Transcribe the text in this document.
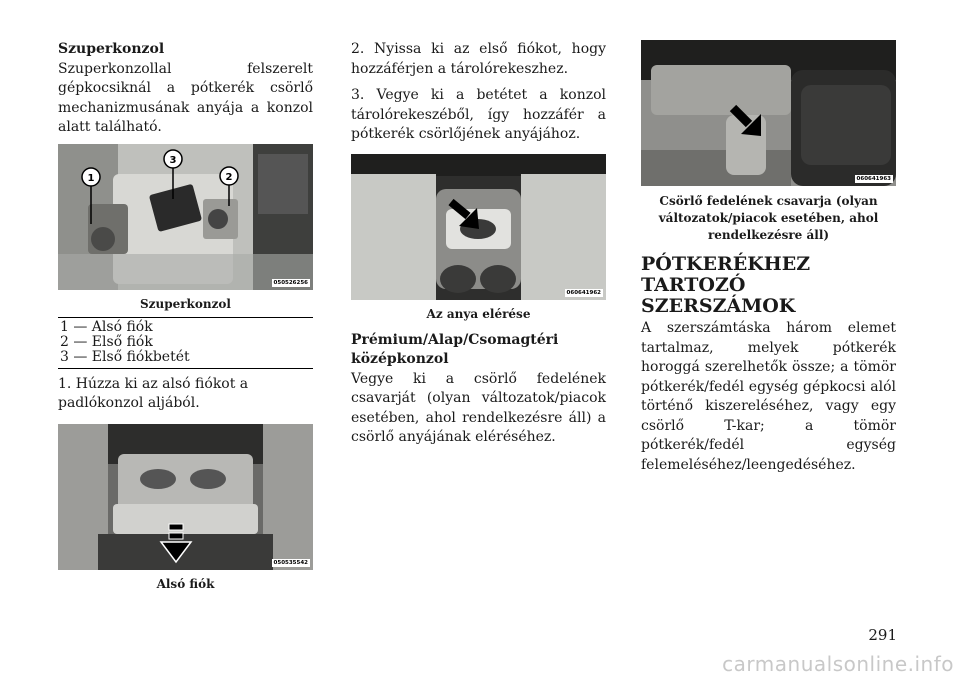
Szuperkonzol

Szuperkonzollal felszerelt gépkocsiknál a pótkerék csörlő mechanizmusának anyája a konzol alatt található.

1
3
2
050526256
Szuperkonzol
1 — Alsó fiók
2 — Első fiók
3 — Első fiókbetét

1. Húzza ki az alsó fiókot a padlókonzol aljából.

050535542
Alsó fiók

2. Nyissa ki az első fiókot, hogy hozzáférjen a tárolórekeszhez.

3. Vegye ki a betétet a konzol tárolórekeszéből, így hozzáfér a pótkerék csörlőjének anyájához.

060641962
Az anya elérése
Prémium/Alap/Csomagtéri középkonzol

Vegye ki a csörlő fedelének csavarját (olyan változatok/piacok esetében, ahol rendelkezésre áll) a csörlő anyájának eléréséhez.

060641963
Csörlő fedelének csavarja (olyan változatok/piacok esetében, ahol rendelkezésre áll)
PÓTKERÉKHEZ TARTOZÓ SZERSZÁMOK

A szerszámtáska három elemet tartalmaz, melyek pótkerék horoggá szerelhetők össze; a tömör pótkerék/fedél egység gépkocsi alól történő kiszereléséhez, vagy egy csörlő T-kar; a tömör pótkerék/fedél egység felemeléséhez/leengedéséhez.

291
carmanualsonline.info
